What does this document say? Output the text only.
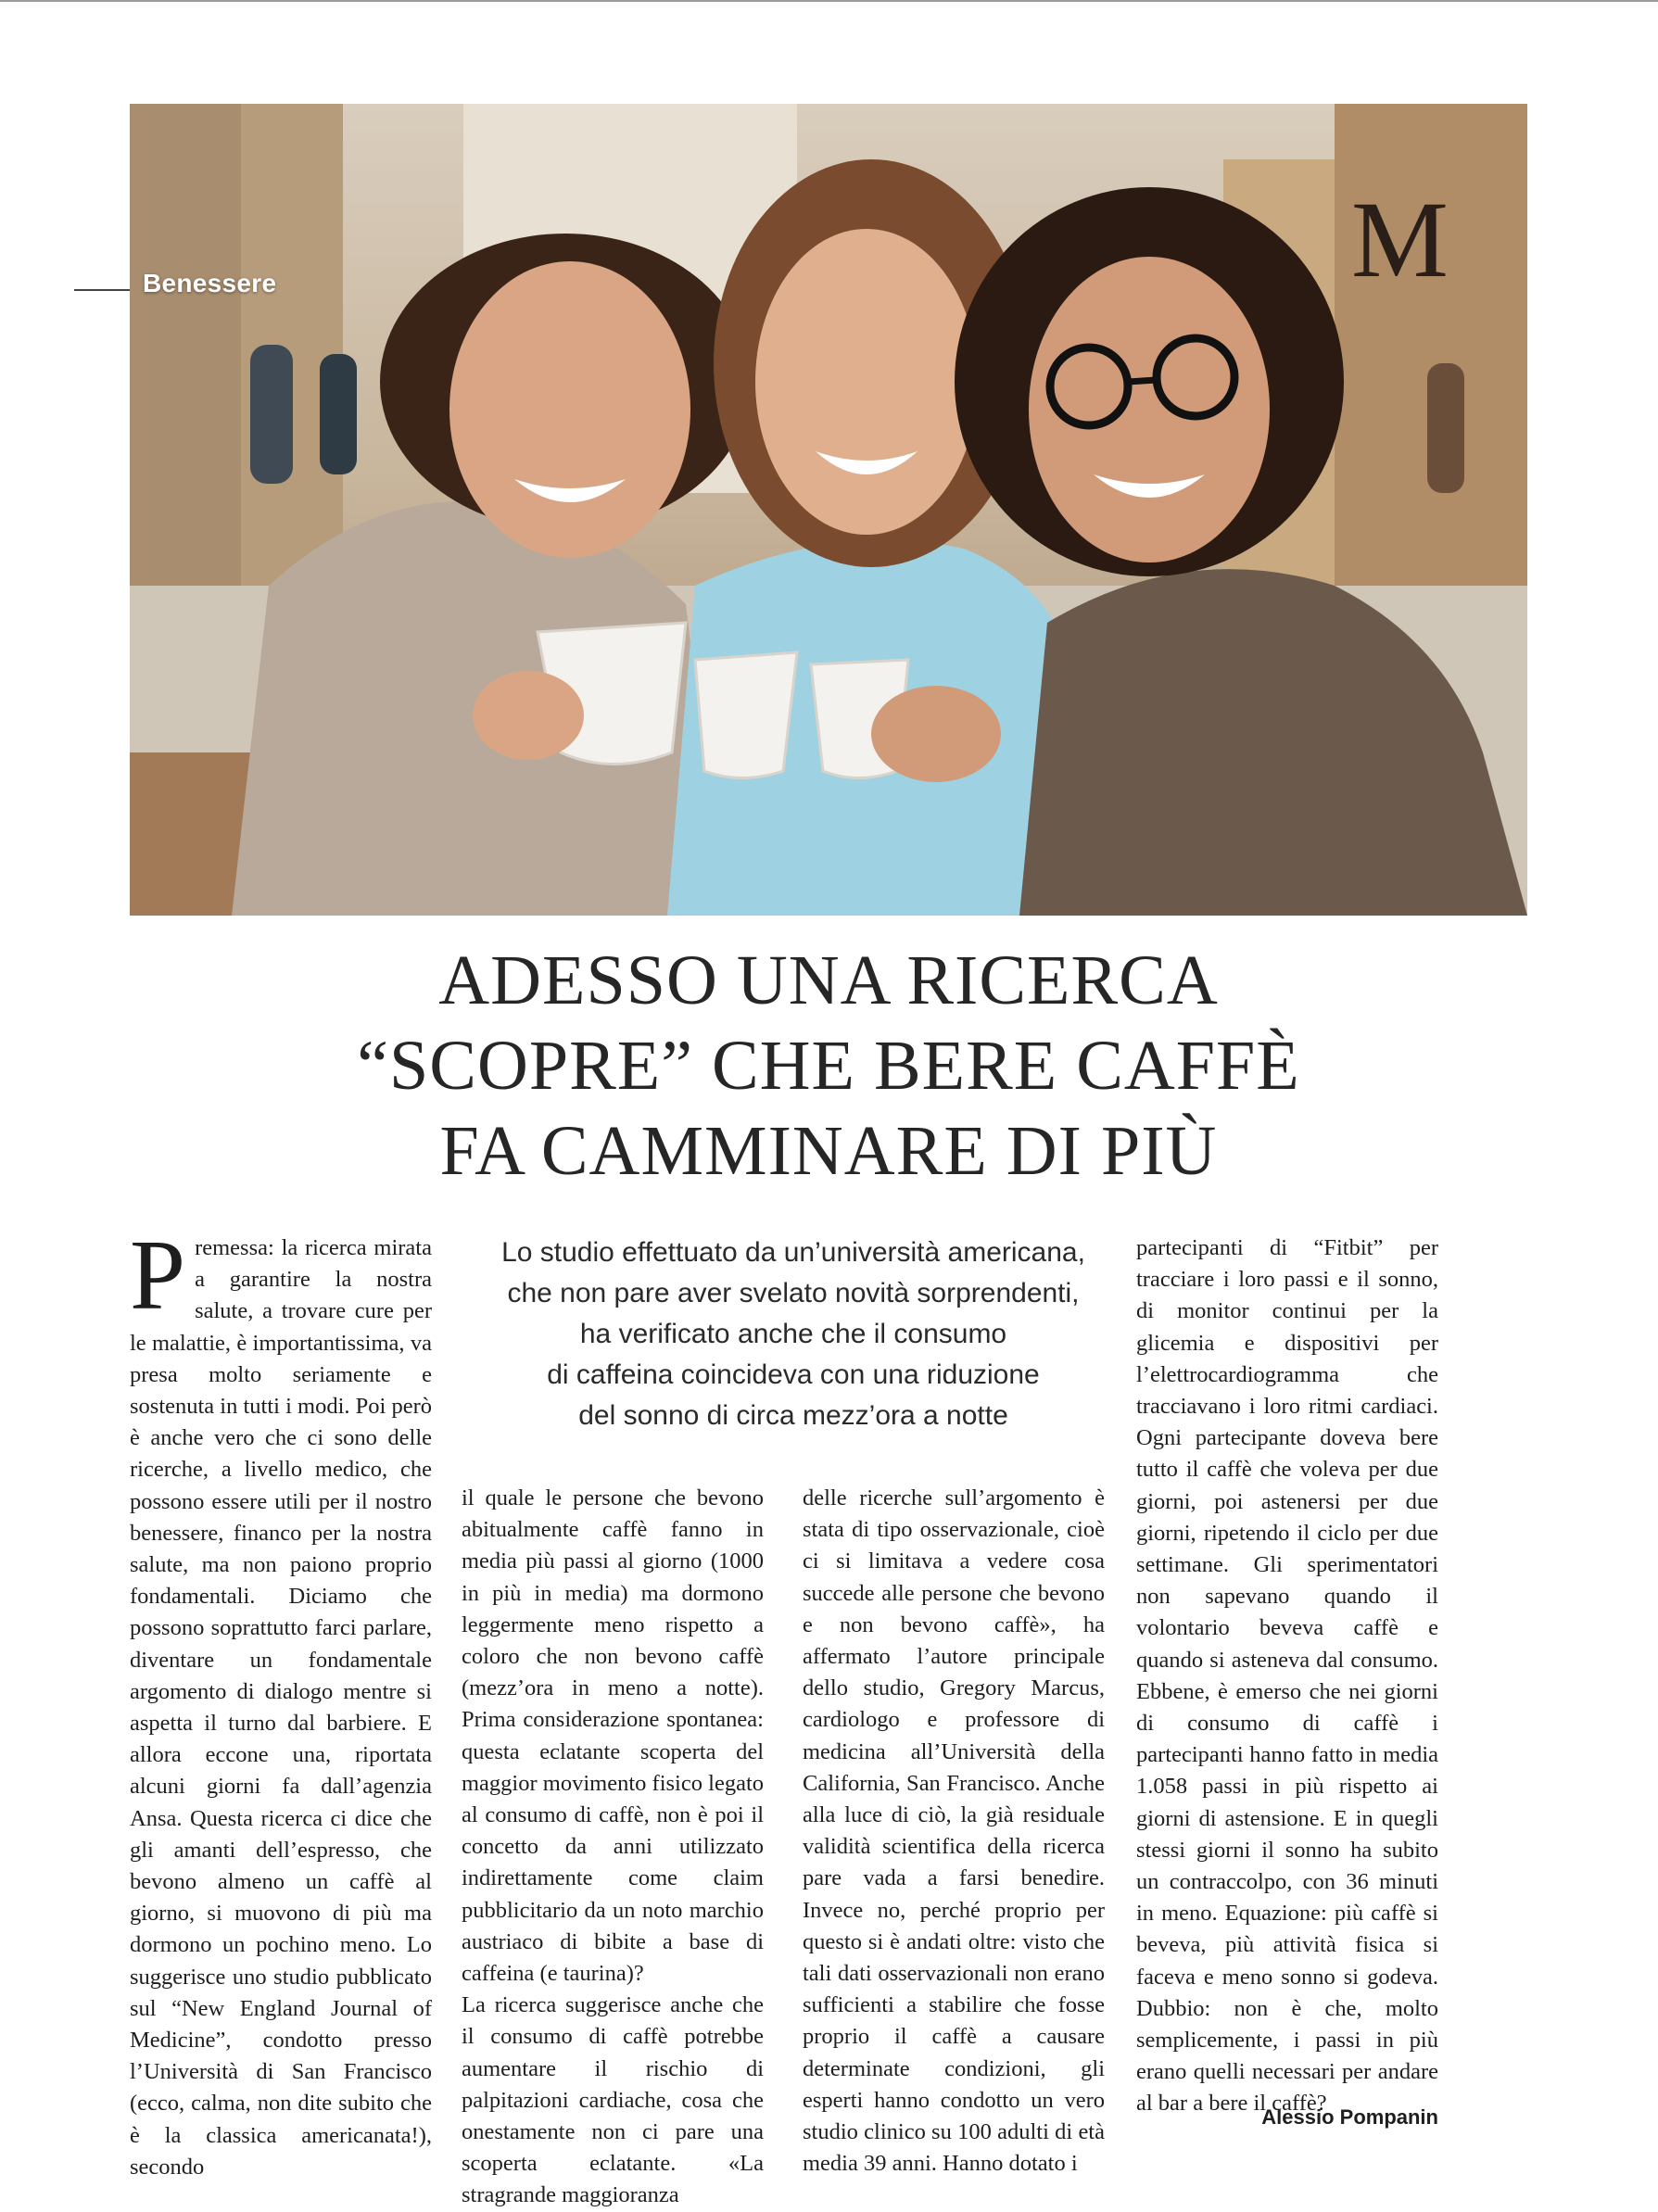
Benessere	M
ADESSO UNA RICERCA
“SCOPRE” CHE BERE CAFFÈ
FA CAMMINARE DI PIÙ

Premessa: la ricerca mirata a garantire la nostra salute, a trovare cure per le malattie, è importantissima, va presa molto seriamente e sostenuta in tutti i modi. Poi però è anche vero che ci sono delle ricerche, a livello medico, che possono essere utili per il nostro benessere, financo per la nostra salute, ma non paiono proprio fondamentali. Diciamo che possono soprattutto farci parlare, diventare un fondamentale argomento di dialogo mentre si aspetta il turno dal barbiere. E allora eccone una, riportata alcuni giorni fa dall’agenzia Ansa. Questa ricerca ci dice che gli amanti dell’espresso, che bevono almeno un caffè al giorno, si muovono di più ma dormono un pochino meno. Lo suggerisce uno studio pubblicato sul “New England Journal of Medicine”, condotto presso l’Università di San Francisco (ecco, calma, non dite subito che è la classica americanata!), secondo

Lo studio effettuato da un’università americana,
che non pare aver svelato novità sorprendenti,
ha verificato anche che il consumo
di caffeina coincideva con una riduzione
del sonno di circa mezz’ora a notte

il quale le persone che bevono abitualmente caffè fanno in media più passi al giorno (1000 in più in media) ma dormono leggermente meno rispetto a coloro che non bevono caffè (mezz’ora in meno a notte). Prima considerazione spontanea: questa eclatante scoperta del maggior movimento fisico legato al consumo di caffè, non è poi il concetto da anni utilizzato indirettamente come claim pubblicitario da un noto marchio austriaco di bibite a base di caffeina (e taurina)?

La ricerca suggerisce anche che il consumo di caffè potrebbe aumentare il rischio di palpitazioni cardiache, cosa che onestamente non ci pare una scoperta eclatante. «La stragrande maggioranza

delle ricerche sull’argomento è stata di tipo osservazionale, cioè ci si limitava a vedere cosa succede alle persone che bevono e non bevono caffè», ha affermato l’autore principale dello studio, Gregory Marcus, cardiologo e professore di medicina all’Università della California, San Francisco. Anche alla luce di ciò, la già residuale validità scientifica della ricerca pare vada a farsi benedire. Invece no, perché proprio per questo si è andati oltre: visto che tali dati osservazionali non erano sufficienti a stabilire che fosse proprio il caffè a causare determinate condizioni, gli esperti hanno condotto un vero studio clinico su 100 adulti di età media 39 anni. Hanno dotato i

partecipanti di “Fitbit” per tracciare i loro passi e il sonno, di monitor continui per la glicemia e dispositivi per l’elettrocardiogramma che tracciavano i loro ritmi cardiaci. Ogni partecipante doveva bere tutto il caffè che voleva per due giorni, poi astenersi per due giorni, ripetendo il ciclo per due settimane. Gli sperimentatori non sapevano quando il volontario beveva caffè e quando si asteneva dal consumo. Ebbene, è emerso che nei giorni di consumo di caffè i partecipanti hanno fatto in media 1.058 passi in più rispetto ai giorni di astensione. E in quegli stessi giorni il sonno ha subito un contraccolpo, con 36 minuti in meno. Equazione: più caffè si beveva, più attività fisica si faceva e meno sonno si godeva. Dubbio: non è che, molto semplicemente, i passi in più erano quelli necessari per andare al bar a bere il caffè?

Alessio Pompanin
